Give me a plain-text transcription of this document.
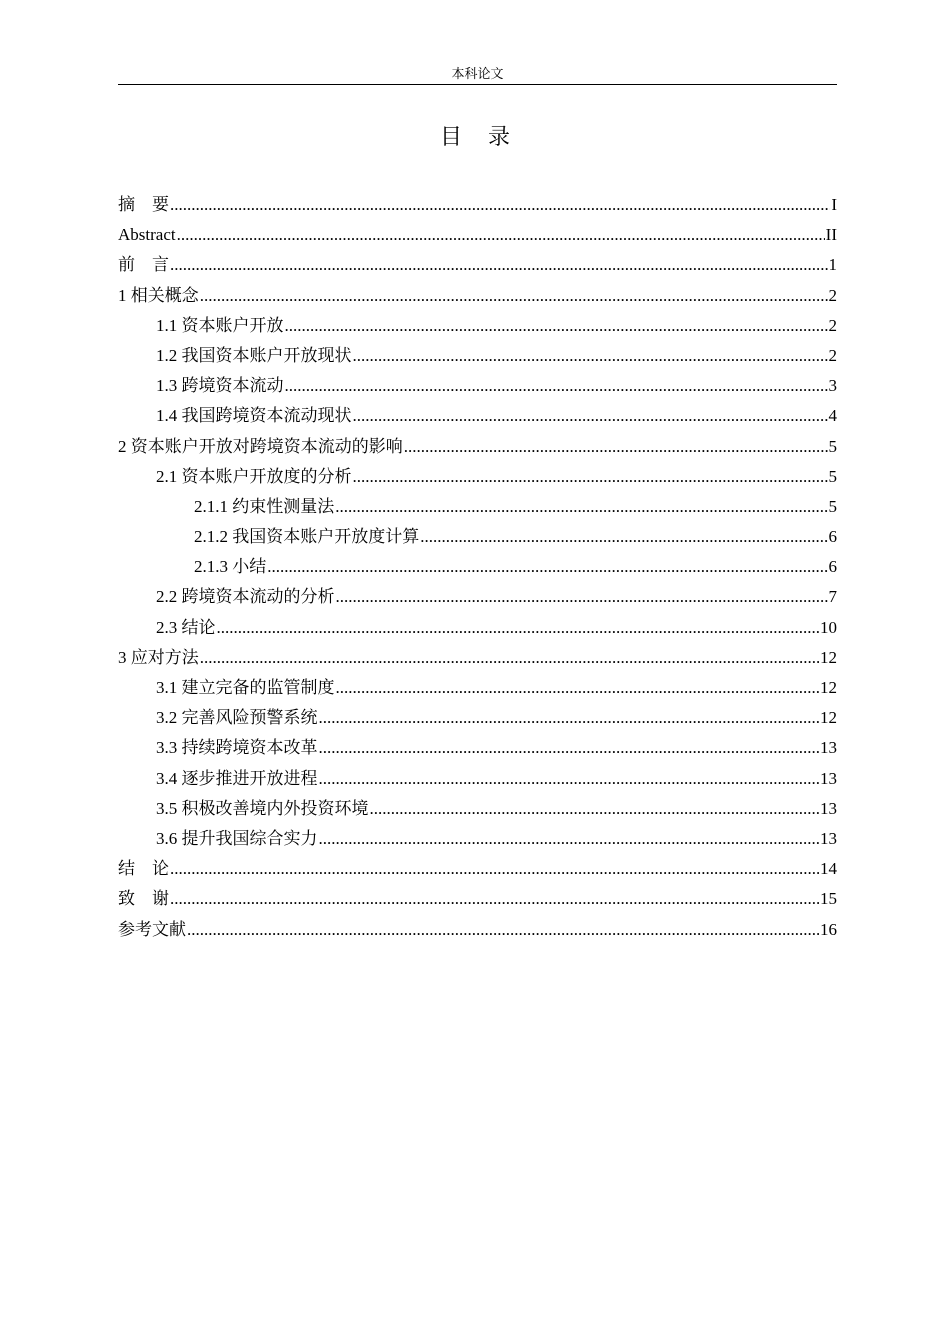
本科论文
目 录
摘　要 .....	I
Abstract .....	II
前　言 .....	1
1 相关概念 .....	2
1.1 资本账户开放 .....	2
1.2 我国资本账户开放现状 .....	2
1.3 跨境资本流动 .....	3
1.4 我国跨境资本流动现状 .....	4
2 资本账户开放对跨境资本流动的影响 .....	5
2.1 资本账户开放度的分析 .....	5
2.1.1 约束性测量法 .....	5
2.1.2 我国资本账户开放度计算 .....	6
2.1.3 小结 .....	6
2.2 跨境资本流动的分析 .....	7
2.3 结论 .....	10
3 应对方法 .....	12
3.1 建立完备的监管制度 .....	12
3.2 完善风险预警系统 .....	12
3.3 持续跨境资本改革 .....	13
3.4 逐步推进开放进程 .....	13
3.5 积极改善境内外投资环境 .....	13
3.6 提升我国综合实力 .....	13
结　论 .....	14
致　谢 .....	15
参考文献 .....	16
